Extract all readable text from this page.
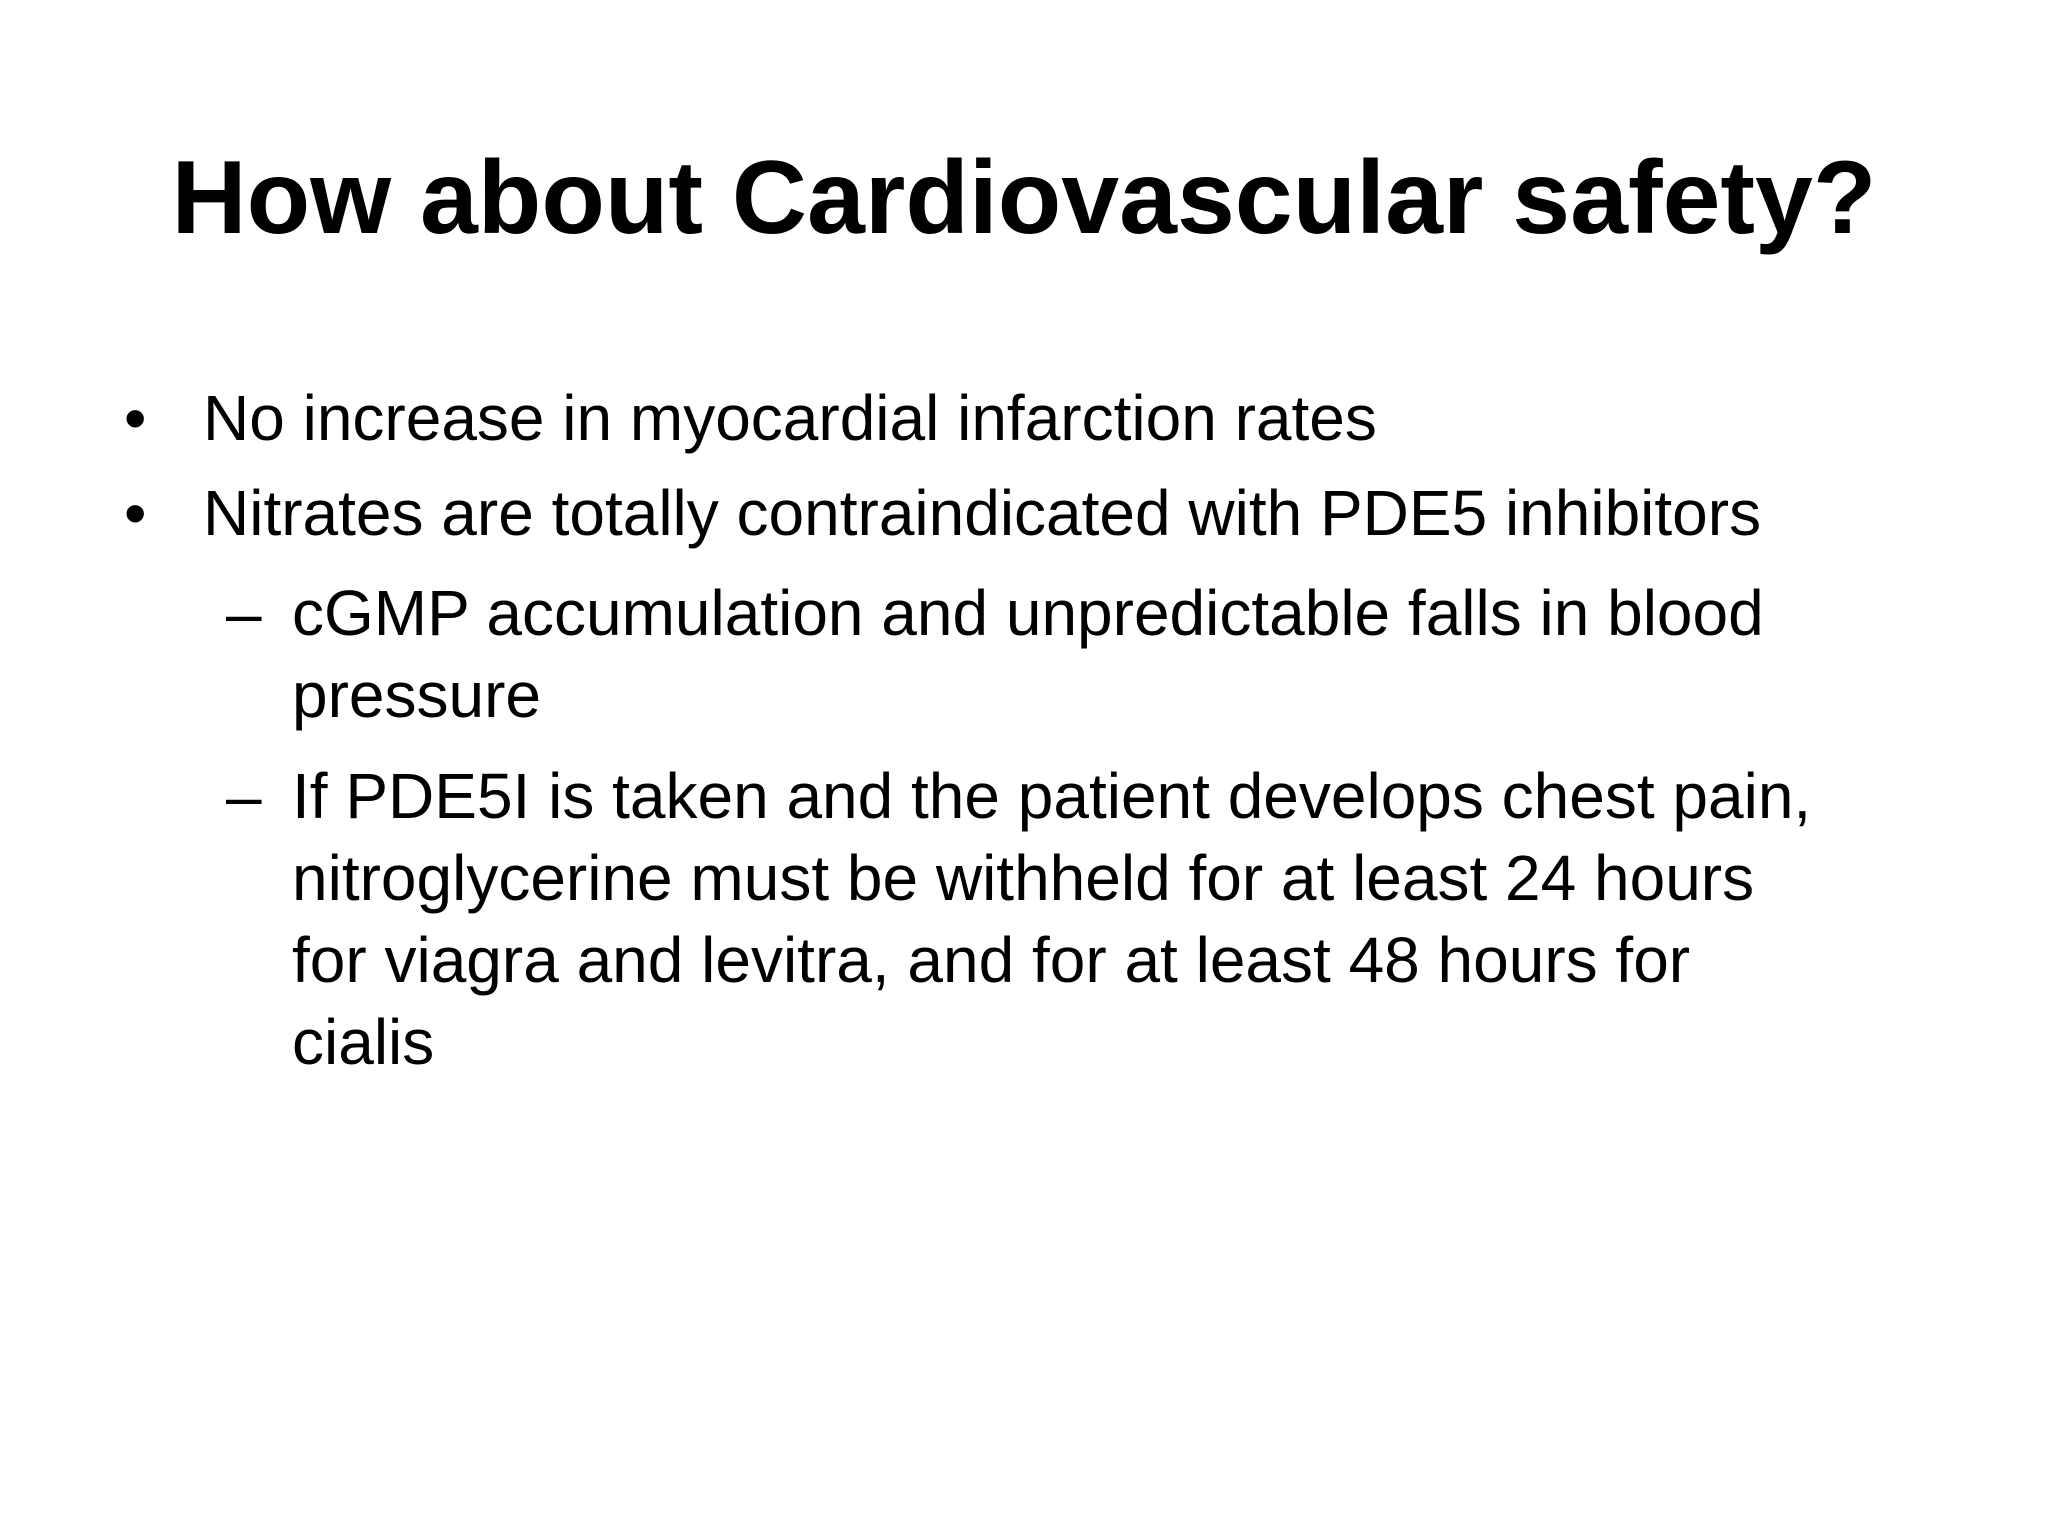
How about Cardiovascular safety?
• No increase in myocardial infarction rates
• Nitrates are totally contraindicated with PDE5 inhibitors
– cGMP accumulation and unpredictable falls in blood
pressure
– If PDE5I is taken and the patient develops chest pain,
nitroglycerine must be withheld for at least 24 hours
for viagra and levitra, and for at least 48 hours for
cialis
